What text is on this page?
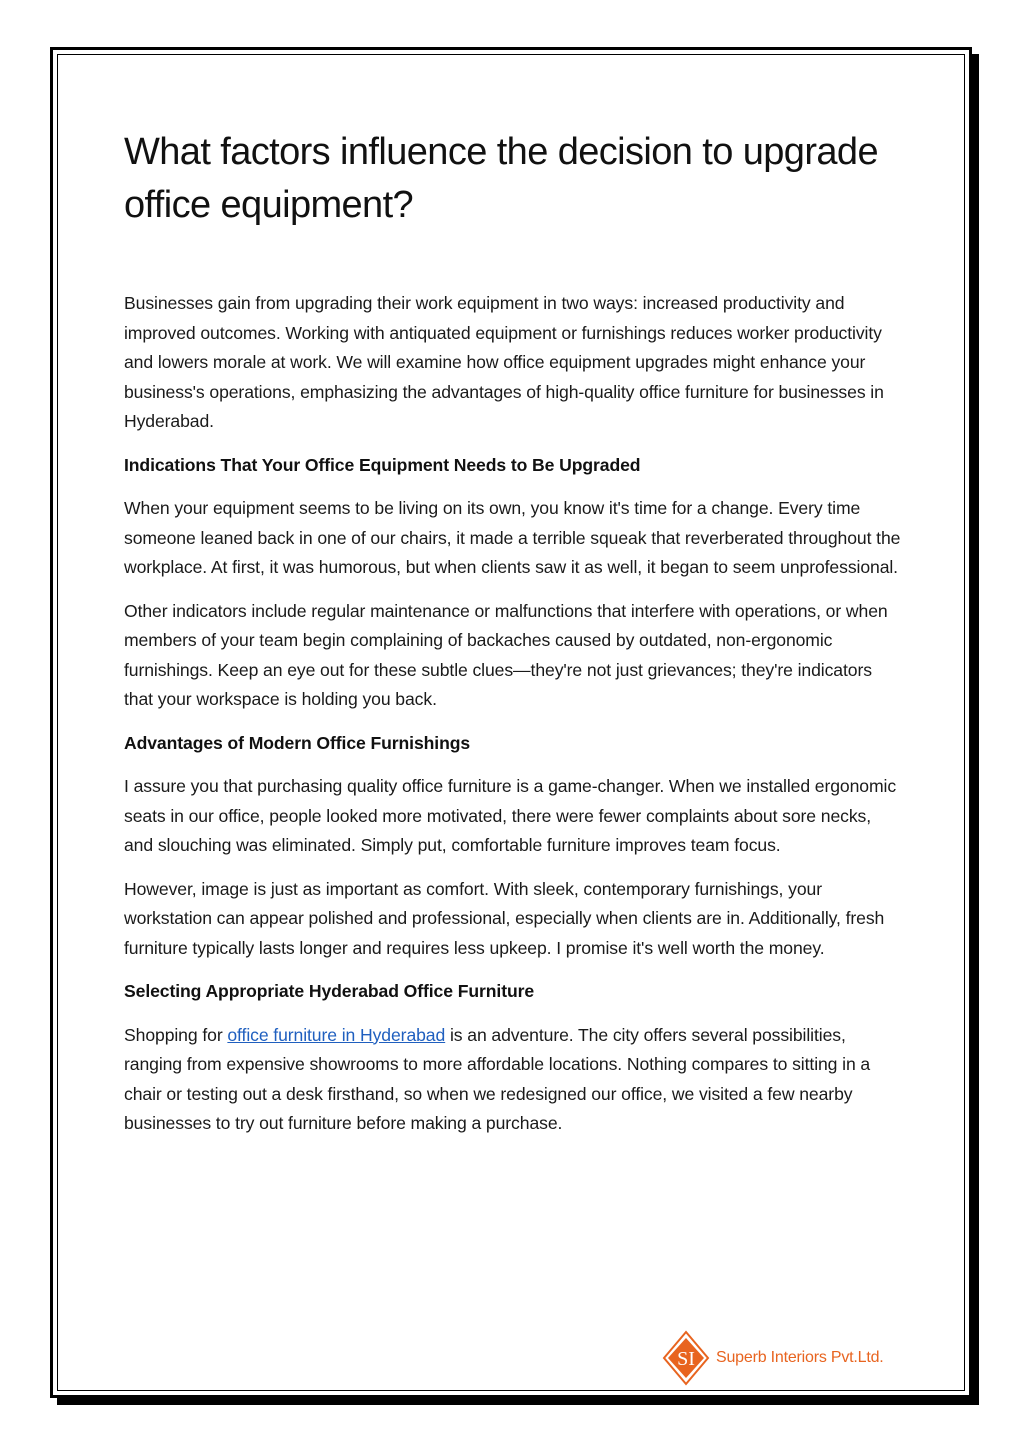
What factors influence the decision to upgrade office equipment?

Businesses gain from upgrading their work equipment in two ways: increased productivity and improved outcomes. Working with antiquated equipment or furnishings reduces worker productivity and lowers morale at work. We will examine how office equipment upgrades might enhance your business's operations, emphasizing the advantages of high-quality office furniture for businesses in Hyderabad.

Indications That Your Office Equipment Needs to Be Upgraded

When your equipment seems to be living on its own, you know it's time for a change. Every time someone leaned back in one of our chairs, it made a terrible squeak that reverberated throughout the workplace. At first, it was humorous, but when clients saw it as well, it began to seem unprofessional.

Other indicators include regular maintenance or malfunctions that interfere with operations, or when members of your team begin complaining of backaches caused by outdated, non-ergonomic furnishings. Keep an eye out for these subtle clues—they're not just grievances; they're indicators that your workspace is holding you back.

Advantages of Modern Office Furnishings

I assure you that purchasing quality office furniture is a game-changer. When we installed ergonomic seats in our office, people looked more motivated, there were fewer complaints about sore necks, and slouching was eliminated. Simply put, comfortable furniture improves team focus.

However, image is just as important as comfort. With sleek, contemporary furnishings, your workstation can appear polished and professional, especially when clients are in. Additionally, fresh furniture typically lasts longer and requires less upkeep. I promise it's well worth the money.

Selecting Appropriate Hyderabad Office Furniture

Shopping for office furniture in Hyderabad is an adventure. The city offers several possibilities, ranging from expensive showrooms to more affordable locations. Nothing compares to sitting in a chair or testing out a desk firsthand, so when we redesigned our office, we visited a few nearby businesses to try out furniture before making a purchase.

SI Superb Interiors Pvt.Ltd.
